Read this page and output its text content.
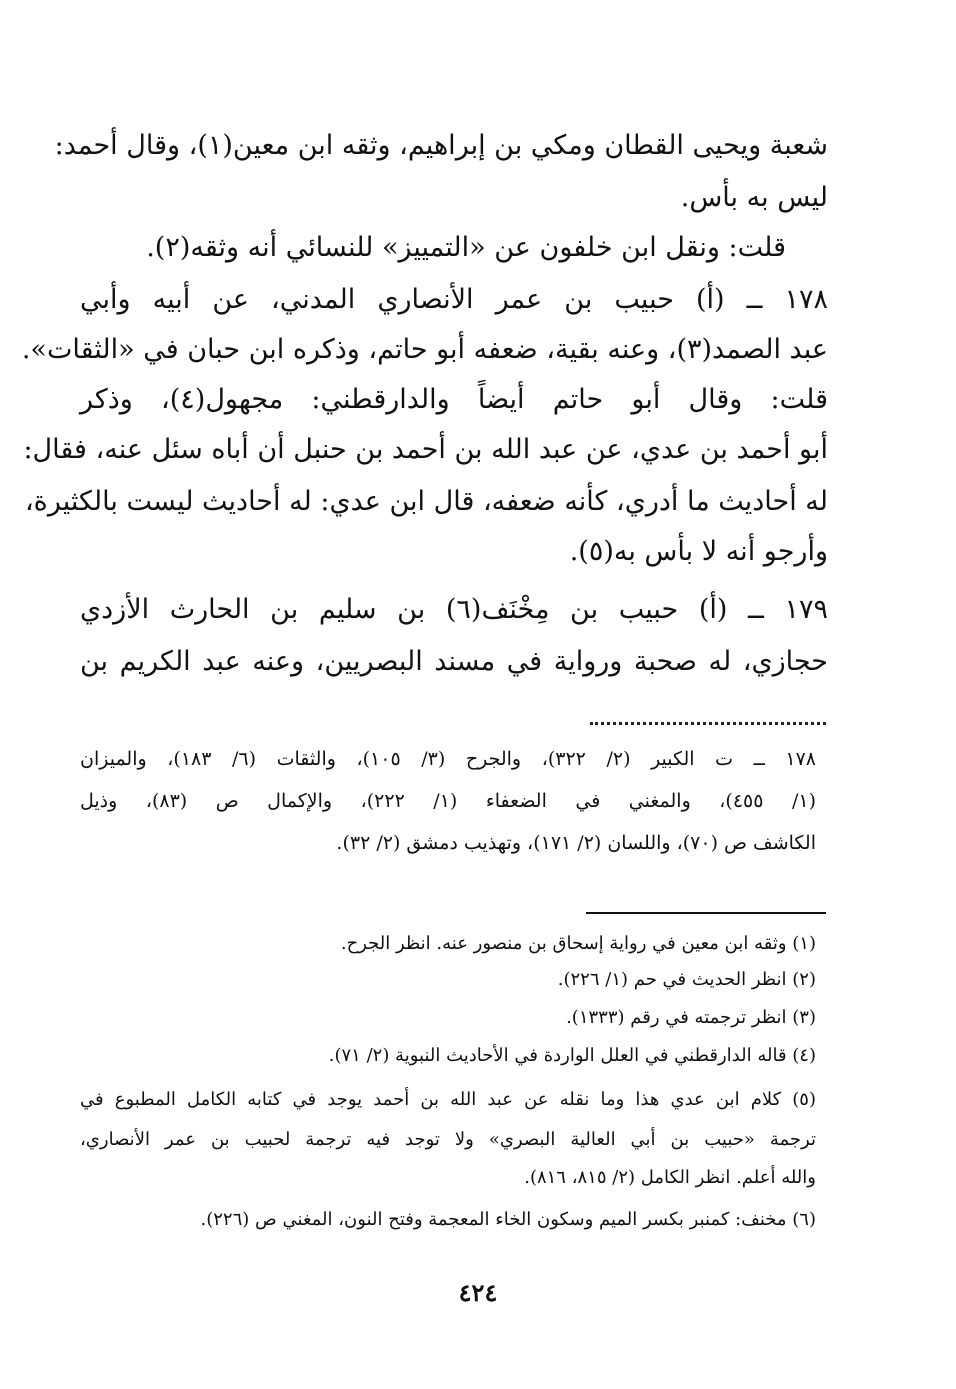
شعبة ويحيى القطان ومكي بن إبراهيم، وثقه ابن معين(١)، وقال أحمد:
ليس به بأس.
قلت: ونقل ابن خلفون عن «التمييز» للنسائي أنه وثقه(٢).
١٧٨ ــ (أ) حبيب بن عمر الأنصاري المدني، عن أبيه وأبي
عبد الصمد(٣)، وعنه بقية، ضعفه أبو حاتم، وذكره ابن حبان في «الثقات».
قلت: وقال أبو حاتم أيضاً والدارقطني: مجهول(٤)، وذكر
أبو أحمد بن عدي، عن عبد الله بن أحمد بن حنبل أن أباه سئل عنه، فقال:
له أحاديث ما أدري، كأنه ضعفه، قال ابن عدي: له أحاديث ليست بالكثيرة،
وأرجو أنه لا بأس به(٥).
١٧٩ ــ (أ) حبيب بن مِخْنَف(٦) بن سليم بن الحارث الأزدي
حجازي، له صحبة ورواية في مسند البصريين، وعنه عبد الكريم بن
١٧٨ ــ ت الكبير (٢/ ٣٢٢)، والجرح (٣/ ١٠٥)، والثقات (٦/ ١٨٣)، والميزان
(١/ ٤٥٥)، والمغني في الضعفاء (١/ ٢٢٢)، والإكمال ص (٨٣)، وذيل
الكاشف ص (٧٠)، واللسان (٢/ ١٧١)، وتهذيب دمشق (٢/ ٣٢).
(١) وثقه ابن معين في رواية إسحاق بن منصور عنه. انظر الجرح.
(٢) انظر الحديث في حم (١/ ٢٢٦).
(٣) انظر ترجمته في رقم (١٣٣٣).
(٤) قاله الدارقطني في العلل الواردة في الأحاديث النبوية (٢/ ٧١).
(٥) كلام ابن عدي هذا وما نقله عن عبد الله بن أحمد يوجد في كتابه الكامل المطبوع في
ترجمة «حبيب بن أبي العالية البصري» ولا توجد فيه ترجمة لحبيب بن عمر الأنصاري،
والله أعلم. انظر الكامل (٢/ ٨١٥، ٨١٦).
(٦) مخنف: كمنبر بكسر الميم وسكون الخاء المعجمة وفتح النون، المغني ص (٢٢٦).
٤٢٤
